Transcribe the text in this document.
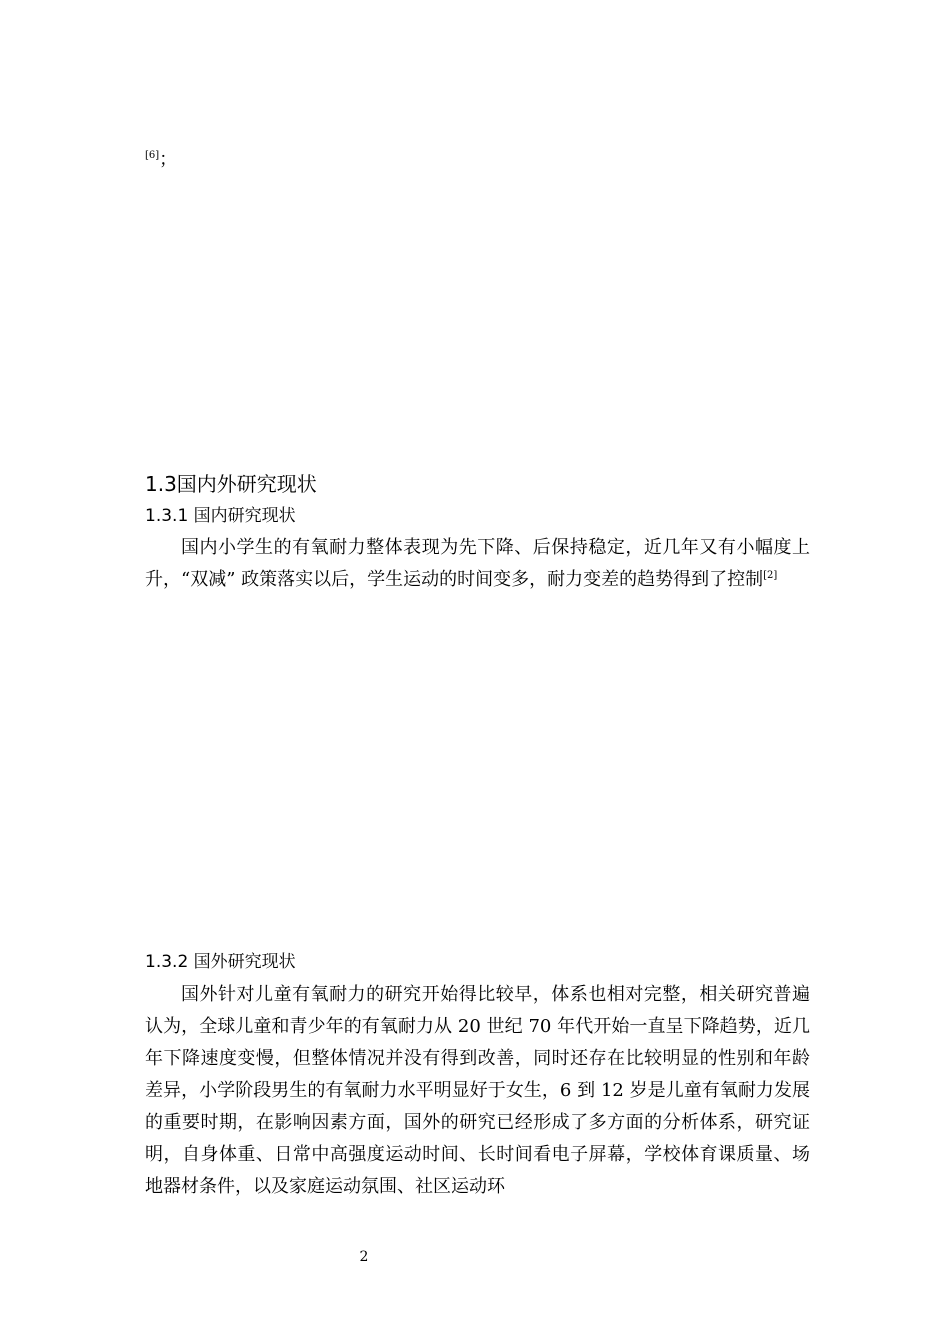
[6]；
1.3国内外研究现状
1.3.1 国内研究现状
国内小学生的有氧耐力整体表现为先下降、后保持稳定，近几年又有小幅度上升，“双减” 政策落实以后，学生运动的时间变多，耐力变差的趋势得到了控制[2]
1.3.2 国外研究现状
国外针对儿童有氧耐力的研究开始得比较早，体系也相对完整，相关研究普遍认为，全球儿童和青少年的有氧耐力从 20 世纪 70 年代开始一直呈下降趋势，近几年下降速度变慢，但整体情况并没有得到改善，同时还存在比较明显的性别和年龄差异，小学阶段男生的有氧耐力水平明显好于女生，6 到 12 岁是儿童有氧耐力发展的重要时期，在影响因素方面，国外的研究已经形成了多方面的分析体系，研究证明，自身体重、日常中高强度运动时间、长时间看电子屏幕，学校体育课质量、场地器材条件，以及家庭运动氛围、社区运动环
2
